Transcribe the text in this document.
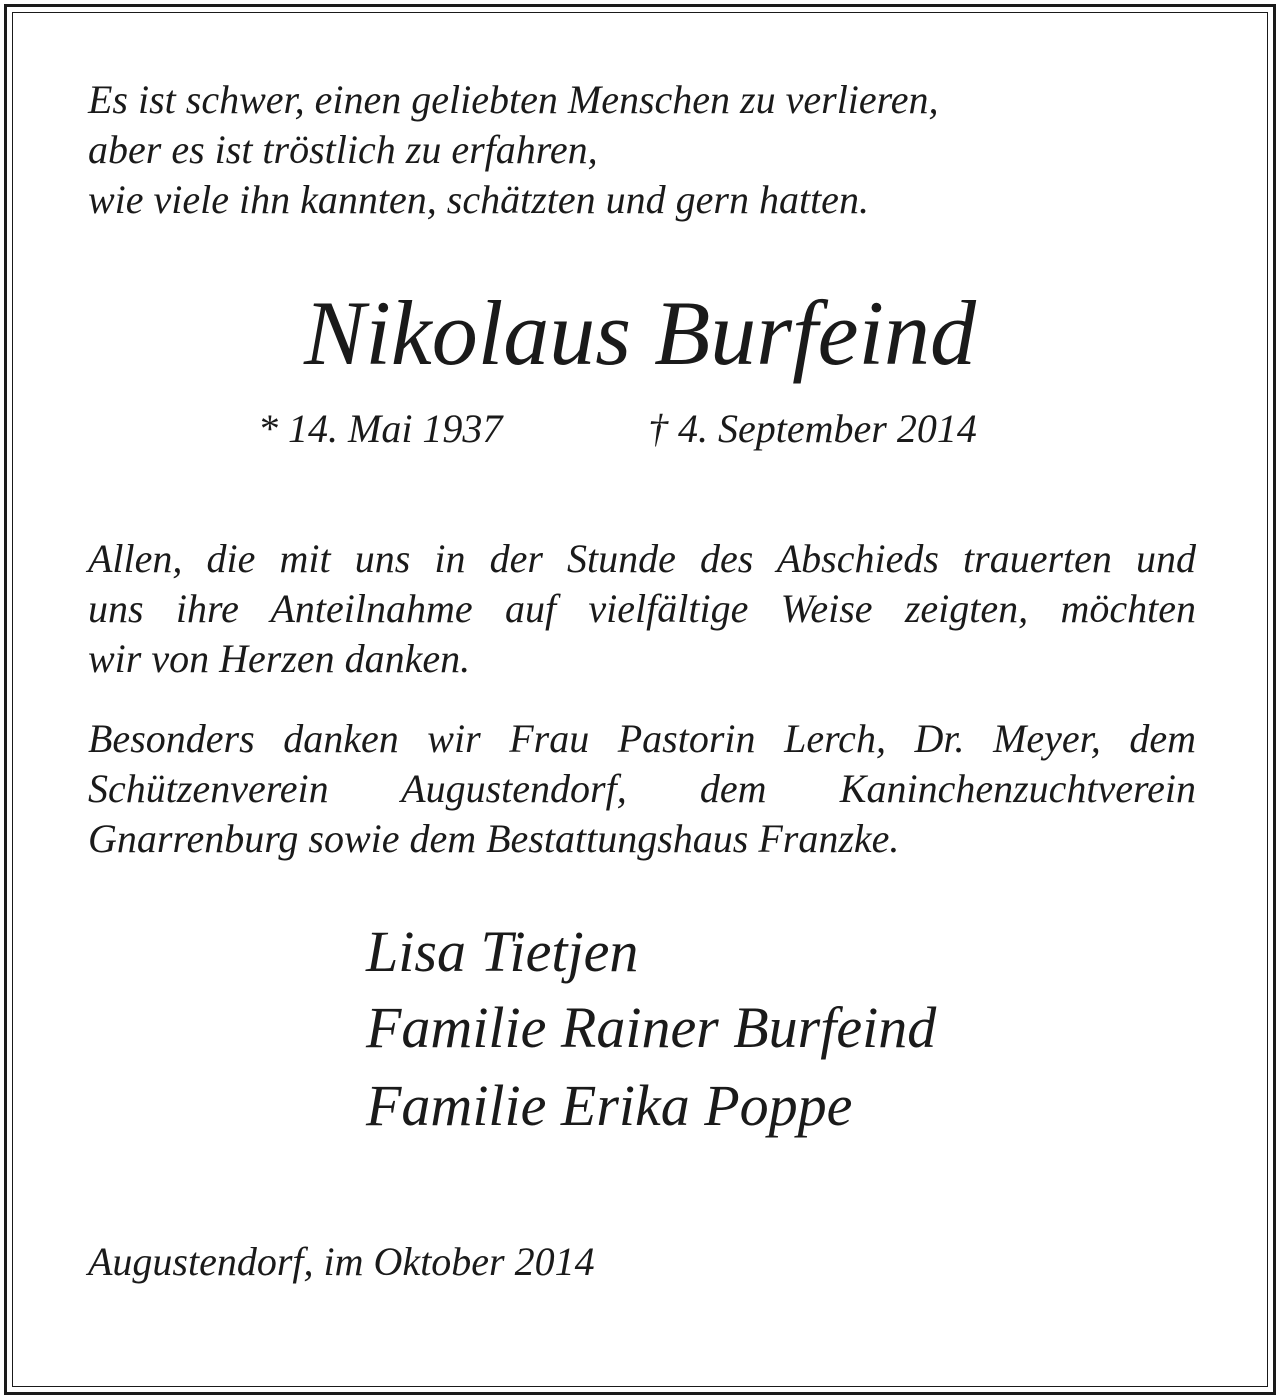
Es ist schwer, einen geliebten Menschen zu verlieren,
aber es ist tröstlich zu erfahren,
wie viele ihn kannten, schätzten und gern hatten.
Nikolaus Burfeind
* 14. Mai 1937	† 4. September 2014
Allen, die mit uns in der Stunde des Abschieds trauerten und
uns ihre Anteilnahme auf vielfältige Weise zeigten, möchten
wir von Herzen danken.
Besonders danken wir Frau Pastorin Lerch, Dr. Meyer, dem
Schützenverein Augustendorf, dem Kaninchenzuchtverein
Gnarrenburg sowie dem Bestattungshaus Franzke.
Lisa Tietjen
Familie Rainer Burfeind
Familie Erika Poppe
Augustendorf, im Oktober 2014
